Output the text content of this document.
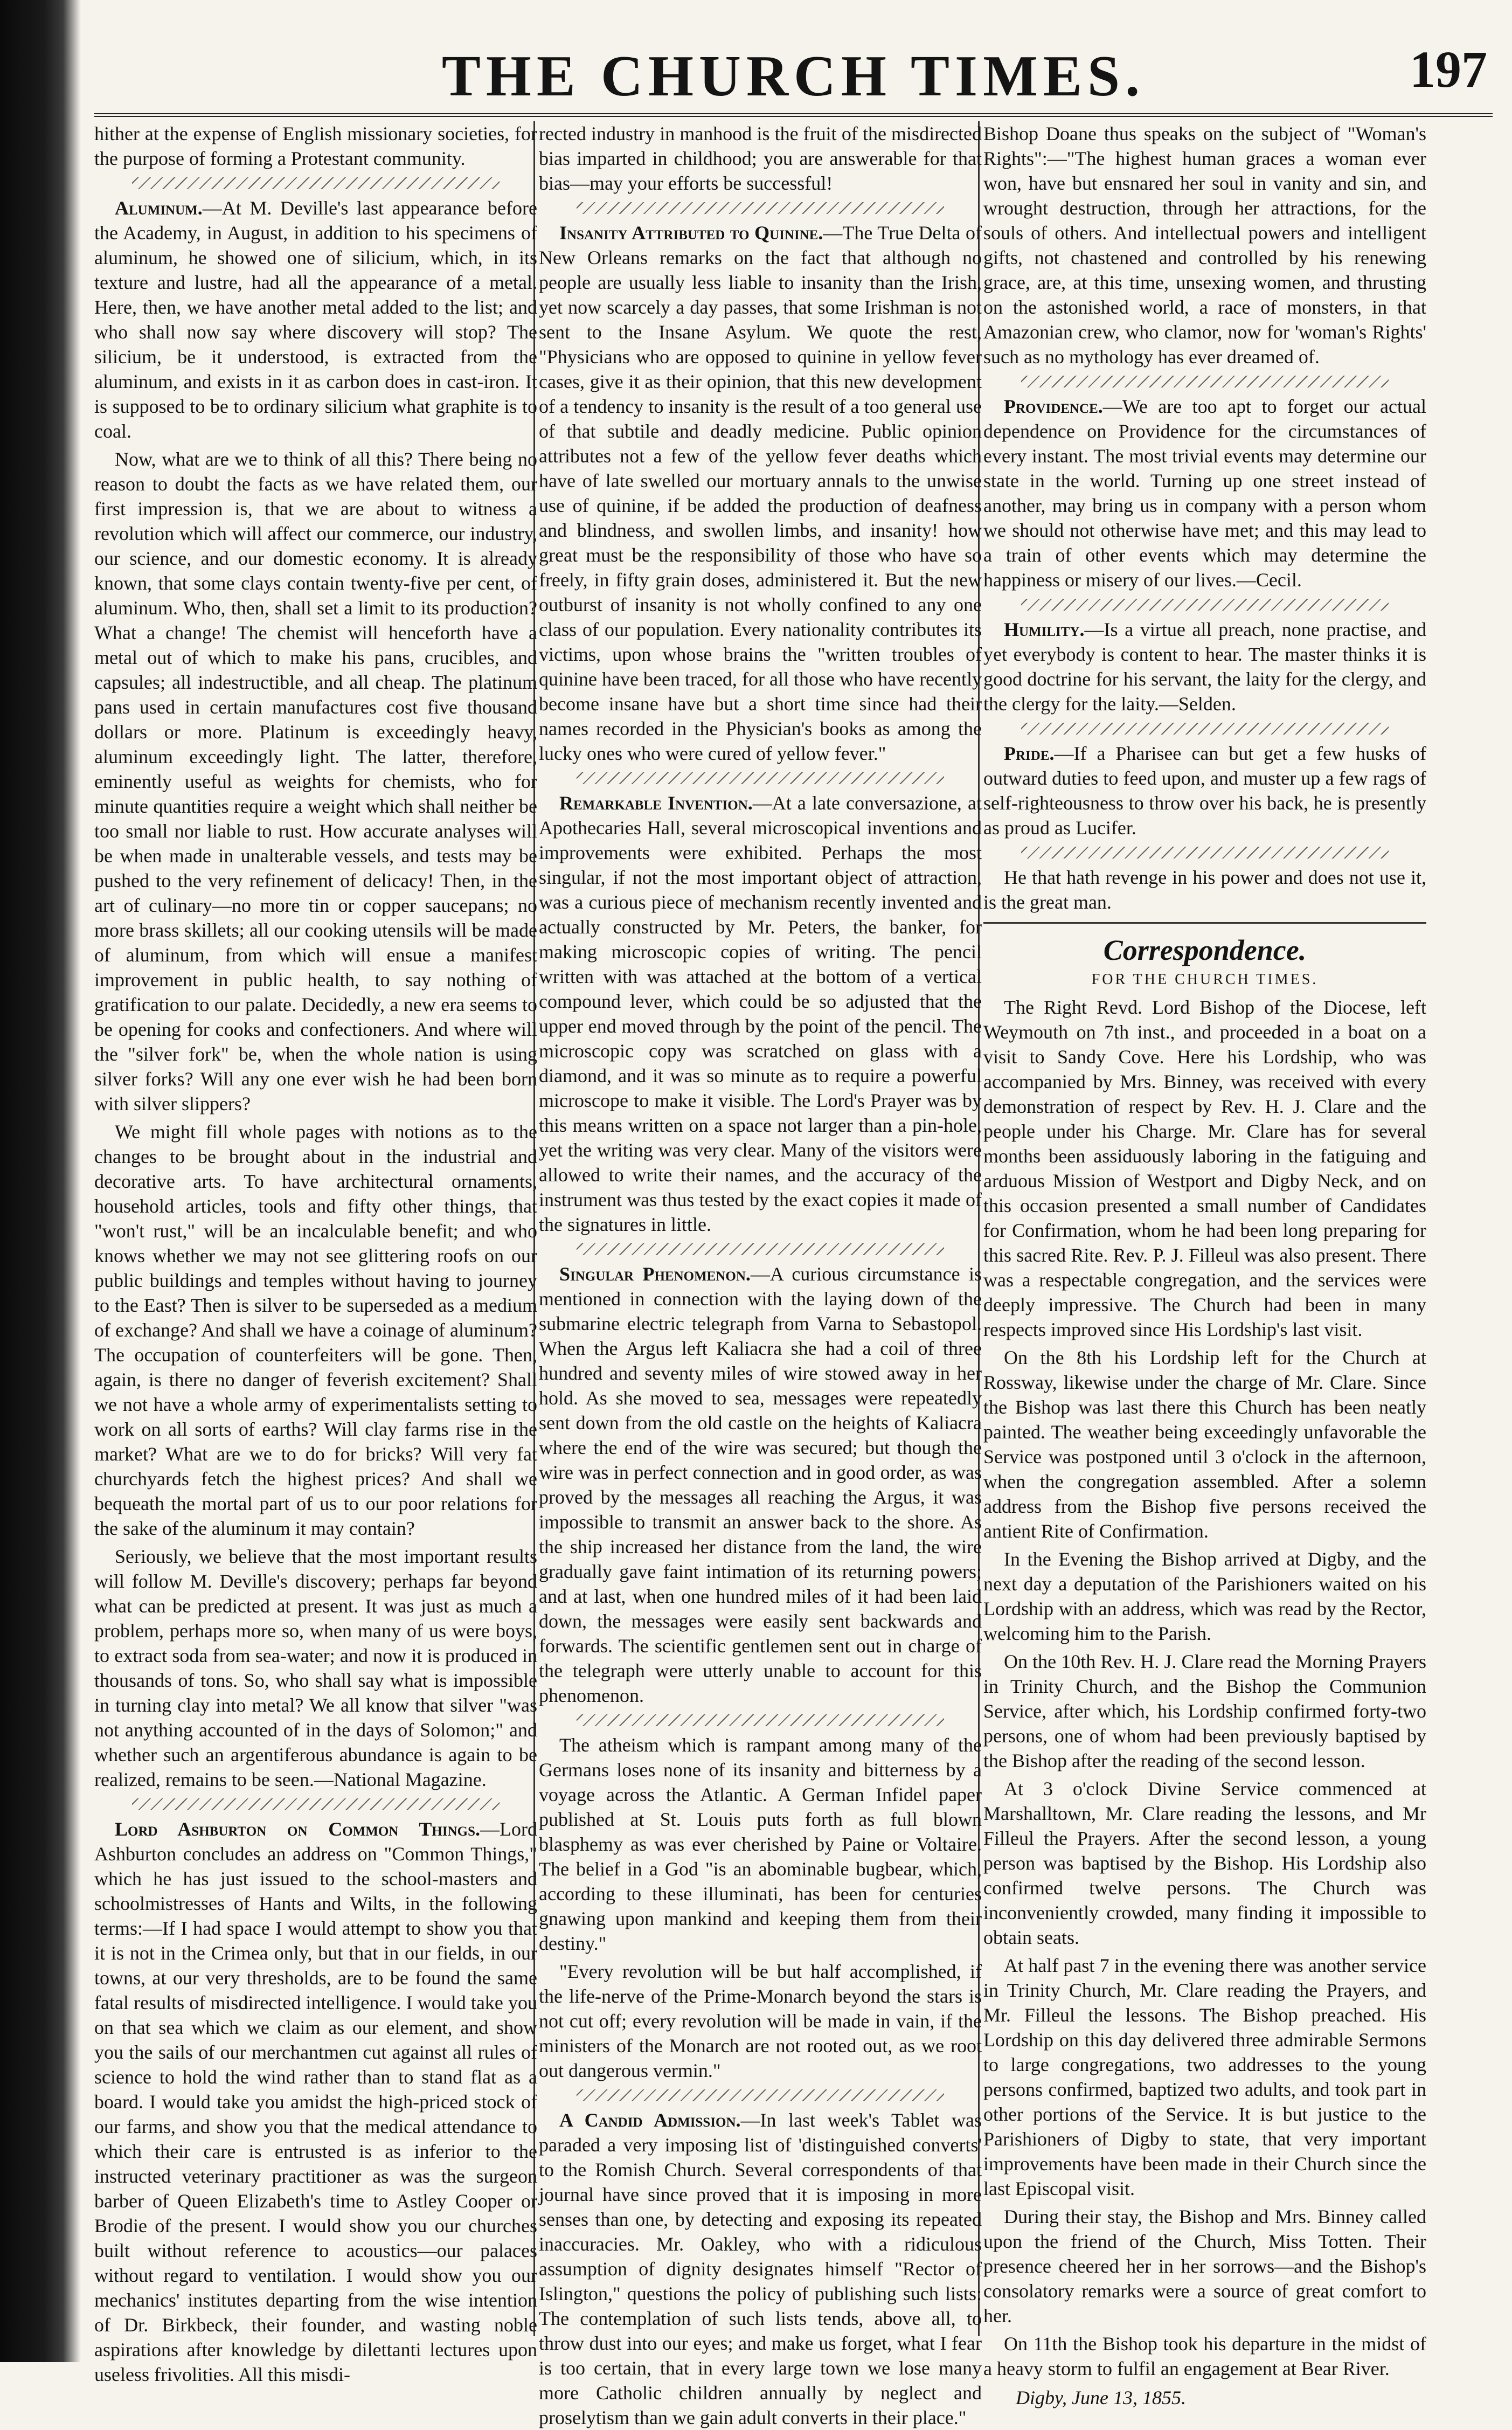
THE CHURCH TIMES.	197

hither at the expense of English missionary societies, for the purpose of forming a Protestant community.

Aluminum.—At M. Deville's last appearance before the Academy, in August, in addition to his specimens of aluminum, he showed one of silicium, which, in its texture and lustre, had all the appearance of a metal. Here, then, we have another metal added to the list; and who shall now say where discovery will stop? The silicium, be it understood, is extracted from the aluminum, and exists in it as carbon does in cast-iron. It is supposed to be to ordinary silicium what graphite is to coal.

Now, what are we to think of all this? There being no reason to doubt the facts as we have related them, our first impression is, that we are about to witness a revolution which will affect our commerce, our industry, our science, and our domestic economy. It is already known, that some clays contain twenty-five per cent, of aluminum. Who, then, shall set a limit to its production? What a change! The chemist will henceforth have a metal out of which to make his pans, crucibles, and capsules; all indestructible, and all cheap. The platinum pans used in certain manufactures cost five thousand dollars or more. Platinum is exceedingly heavy, aluminum exceedingly light. The latter, therefore, eminently useful as weights for chemists, who for minute quantities require a weight which shall neither be too small nor liable to rust. How accurate analyses will be when made in unalterable vessels, and tests may be pushed to the very refinement of delicacy! Then, in the art of culinary—no more tin or copper saucepans; no more brass skillets; all our cooking utensils will be made of aluminum, from which will ensue a manifest improvement in public health, to say nothing of gratification to our palate. Decidedly, a new era seems to be opening for cooks and confectioners. And where will the "silver fork" be, when the whole nation is using silver forks? Will any one ever wish he had been born with silver slippers?

We might fill whole pages with notions as to the changes to be brought about in the industrial and decorative arts. To have architectural ornaments, household articles, tools and fifty other things, that "won't rust," will be an incalculable benefit; and who knows whether we may not see glittering roofs on our public buildings and temples without having to journey to the East? Then is silver to be superseded as a medium of exchange? And shall we have a coinage of aluminum? The occupation of counterfeiters will be gone. Then, again, is there no danger of feverish excitement? Shall we not have a whole army of experimentalists setting to work on all sorts of earths? Will clay farms rise in the market? What are we to do for bricks? Will very fat churchyards fetch the highest prices? And shall we bequeath the mortal part of us to our poor relations for the sake of the aluminum it may contain?

Seriously, we believe that the most important results will follow M. Deville's discovery; perhaps far beyond what can be predicted at present. It was just as much a problem, perhaps more so, when many of us were boys, to extract soda from sea-water; and now it is produced in thousands of tons. So, who shall say what is impossible in turning clay into metal? We all know that silver "was not anything accounted of in the days of Solomon;" and whether such an argentiferous abundance is again to be realized, remains to be seen.—National Magazine.

Lord Ashburton on Common Things.—Lord Ashburton concludes an address on "Common Things," which he has just issued to the school-masters and schoolmistresses of Hants and Wilts, in the following terms:—If I had space I would attempt to show you that it is not in the Crimea only, but that in our fields, in our towns, at our very thresholds, are to be found the same fatal results of misdirected intelligence. I would take you on that sea which we claim as our element, and show you the sails of our merchantmen cut against all rules of science to hold the wind rather than to stand flat as a board. I would take you amidst the high-priced stock of our farms, and show you that the medical attendance to which their care is entrusted is as inferior to the instructed veterinary practitioner as was the surgeon barber of Queen Elizabeth's time to Astley Cooper or Brodie of the present. I would show you our churches built without reference to acoustics—our palaces without regard to ventilation. I would show you our mechanics' institutes departing from the wise intention of Dr. Birkbeck, their founder, and wasting noble aspirations after knowledge by dilettanti lectures upon useless frivolities. All this misdi-

rected industry in manhood is the fruit of the misdirected bias imparted in childhood; you are answerable for that bias—may your efforts be successful!

Insanity Attributed to Quinine.—The True Delta of New Orleans remarks on the fact that although no people are usually less liable to insanity than the Irish, yet now scarcely a day passes, that some Irishman is not sent to the Insane Asylum. We quote the rest, "Physicians who are opposed to quinine in yellow fever cases, give it as their opinion, that this new development of a tendency to insanity is the result of a too general use of that subtile and deadly medicine. Public opinion attributes not a few of the yellow fever deaths which have of late swelled our mortuary annals to the unwise use of quinine, if be added the production of deafness and blindness, and swollen limbs, and insanity! how great must be the responsibility of those who have so freely, in fifty grain doses, administered it. But the new outburst of insanity is not wholly confined to any one class of our population. Every nationality contributes its victims, upon whose brains the "written troubles of quinine have been traced, for all those who have recently become insane have but a short time since had their names recorded in the Physician's books as among the lucky ones who were cured of yellow fever."

Remarkable Invention.—At a late conversazione, at Apothecaries Hall, several microscopical inventions and improvements were exhibited. Perhaps the most singular, if not the most important object of attraction, was a curious piece of mechanism recently invented and actually constructed by Mr. Peters, the banker, for making microscopic copies of writing. The pencil written with was attached at the bottom of a vertical compound lever, which could be so adjusted that the upper end moved through by the point of the pencil. The microscopic copy was scratched on glass with a diamond, and it was so minute as to require a powerful microscope to make it visible. The Lord's Prayer was by this means written on a space not larger than a pin-hole, yet the writing was very clear. Many of the visitors were allowed to write their names, and the accuracy of the instrument was thus tested by the exact copies it made of the signatures in little.

Singular Phenomenon.—A curious circumstance is mentioned in connection with the laying down of the submarine electric telegraph from Varna to Sebastopol. When the Argus left Kaliacra she had a coil of three hundred and seventy miles of wire stowed away in her hold. As she moved to sea, messages were repeatedly sent down from the old castle on the heights of Kaliacra where the end of the wire was secured; but though the wire was in perfect connection and in good order, as was proved by the messages all reaching the Argus, it was impossible to transmit an answer back to the shore. As the ship increased her distance from the land, the wire gradually gave faint intimation of its returning powers; and at last, when one hundred miles of it had been laid down, the messages were easily sent backwards and forwards. The scientific gentlemen sent out in charge of the telegraph were utterly unable to account for this phenomenon.

The atheism which is rampant among many of the Germans loses none of its insanity and bitterness by a voyage across the Atlantic. A German Infidel paper published at St. Louis puts forth as full blown blasphemy as was ever cherished by Paine or Voltaire. The belief in a God "is an abominable bugbear, which, according to these illuminati, has been for centuries gnawing upon mankind and keeping them from their destiny."

"Every revolution will be but half accomplished, if the life-nerve of the Prime-Monarch beyond the stars is not cut off; every revolution will be made in vain, if the ministers of the Monarch are not rooted out, as we root out dangerous vermin."

A Candid Admission.—In last week's Tablet was paraded a very imposing list of 'distinguished converts' to the Romish Church. Several correspondents of that journal have since proved that it is imposing in more senses than one, by detecting and exposing its repeated inaccuracies. Mr. Oakley, who with a ridiculous assumption of dignity designates himself "Rector of Islington," questions the policy of publishing such lists: The contemplation of such lists tends, above all, to throw dust into our eyes; and make us forget, what I fear is too certain, that in every large town we lose many more Catholic children annually by neglect and proselytism than we gain adult converts in their place."

Bishop Doane thus speaks on the subject of "Woman's Rights":—"The highest human graces a woman ever won, have but ensnared her soul in vanity and sin, and wrought destruction, through her attractions, for the souls of others. And intellectual powers and intelligent gifts, not chastened and controlled by his renewing grace, are, at this time, unsexing women, and thrusting on the astonished world, a race of monsters, in that Amazonian crew, who clamor, now for 'woman's Rights' such as no mythology has ever dreamed of.

Providence.—We are too apt to forget our actual dependence on Providence for the circumstances of every instant. The most trivial events may determine our state in the world. Turning up one street instead of another, may bring us in company with a person whom we should not otherwise have met; and this may lead to a train of other events which may determine the happiness or misery of our lives.—Cecil.

Humility.—Is a virtue all preach, none practise, and yet everybody is content to hear. The master thinks it is good doctrine for his servant, the laity for the clergy, and the clergy for the laity.—Selden.

Pride.—If a Pharisee can but get a few husks of outward duties to feed upon, and muster up a few rags of self-righteousness to throw over his back, he is presently as proud as Lucifer.

He that hath revenge in his power and does not use it, is the great man.

Correspondence.
FOR THE CHURCH TIMES.

The Right Revd. Lord Bishop of the Diocese, left Weymouth on 7th inst., and proceeded in a boat on a visit to Sandy Cove. Here his Lordship, who was accompanied by Mrs. Binney, was received with every demonstration of respect by Rev. H. J. Clare and the people under his Charge. Mr. Clare has for several months been assiduously laboring in the fatiguing and arduous Mission of Westport and Digby Neck, and on this occasion presented a small number of Candidates for Confirmation, whom he had been long preparing for this sacred Rite. Rev. P. J. Filleul was also present. There was a respectable congregation, and the services were deeply impressive. The Church had been in many respects improved since His Lordship's last visit.

On the 8th his Lordship left for the Church at Rossway, likewise under the charge of Mr. Clare. Since the Bishop was last there this Church has been neatly painted. The weather being exceedingly unfavorable the Service was postponed until 3 o'clock in the afternoon, when the congregation assembled. After a solemn address from the Bishop five persons received the antient Rite of Confirmation.

In the Evening the Bishop arrived at Digby, and the next day a deputation of the Parishioners waited on his Lordship with an address, which was read by the Rector, welcoming him to the Parish.

On the 10th Rev. H. J. Clare read the Morning Prayers in Trinity Church, and the Bishop the Communion Service, after which, his Lordship confirmed forty-two persons, one of whom had been previously baptised by the Bishop after the reading of the second lesson.

At 3 o'clock Divine Service commenced at Marshalltown, Mr. Clare reading the lessons, and Mr Filleul the Prayers. After the second lesson, a young person was baptised by the Bishop. His Lordship also confirmed twelve persons. The Church was inconveniently crowded, many finding it impossible to obtain seats.

At half past 7 in the evening there was another service in Trinity Church, Mr. Clare reading the Prayers, and Mr. Filleul the lessons. The Bishop preached. His Lordship on this day delivered three admirable Sermons to large congregations, two addresses to the young persons confirmed, baptized two adults, and took part in other portions of the Service. It is but justice to the Parishioners of Digby to state, that very important improvements have been made in their Church since the last Episcopal visit.

During their stay, the Bishop and Mrs. Binney called upon the friend of the Church, Miss Totten. Their presence cheered her in her sorrows—and the Bishop's consolatory remarks were a source of great comfort to her.

On 11th the Bishop took his departure in the midst of a heavy storm to fulfil an engagement at Bear River.

Digby, June 13, 1855.
